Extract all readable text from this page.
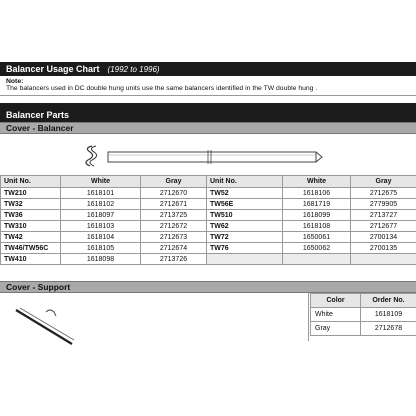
Balancer Usage Chart (1992 to 1996)
Note:
The balancers used in DC double hung units use the same balancers identified in the TW double hung .
Balancer Parts
Cover - Balancer
Unit No.	White	Gray	Unit No.	White	Gray
TW210	1618101	2712670	TW52	1618106	2712675
TW32	1618102	2712671	TW56E	1681719	2779905
TW36	1618097	2713725	TW510	1618099	2713727
TW310	1618103	2712672	TW62	1618108	2712677
TW42	1618104	2712673	TW72	1650061	2700134
TW46/TW56C	1618105	2712674	TW76	1650062	2700135
TW410	1618098	2713726			
Cover - Support
Color	Order No.
White	1618109
Gray	2712678
